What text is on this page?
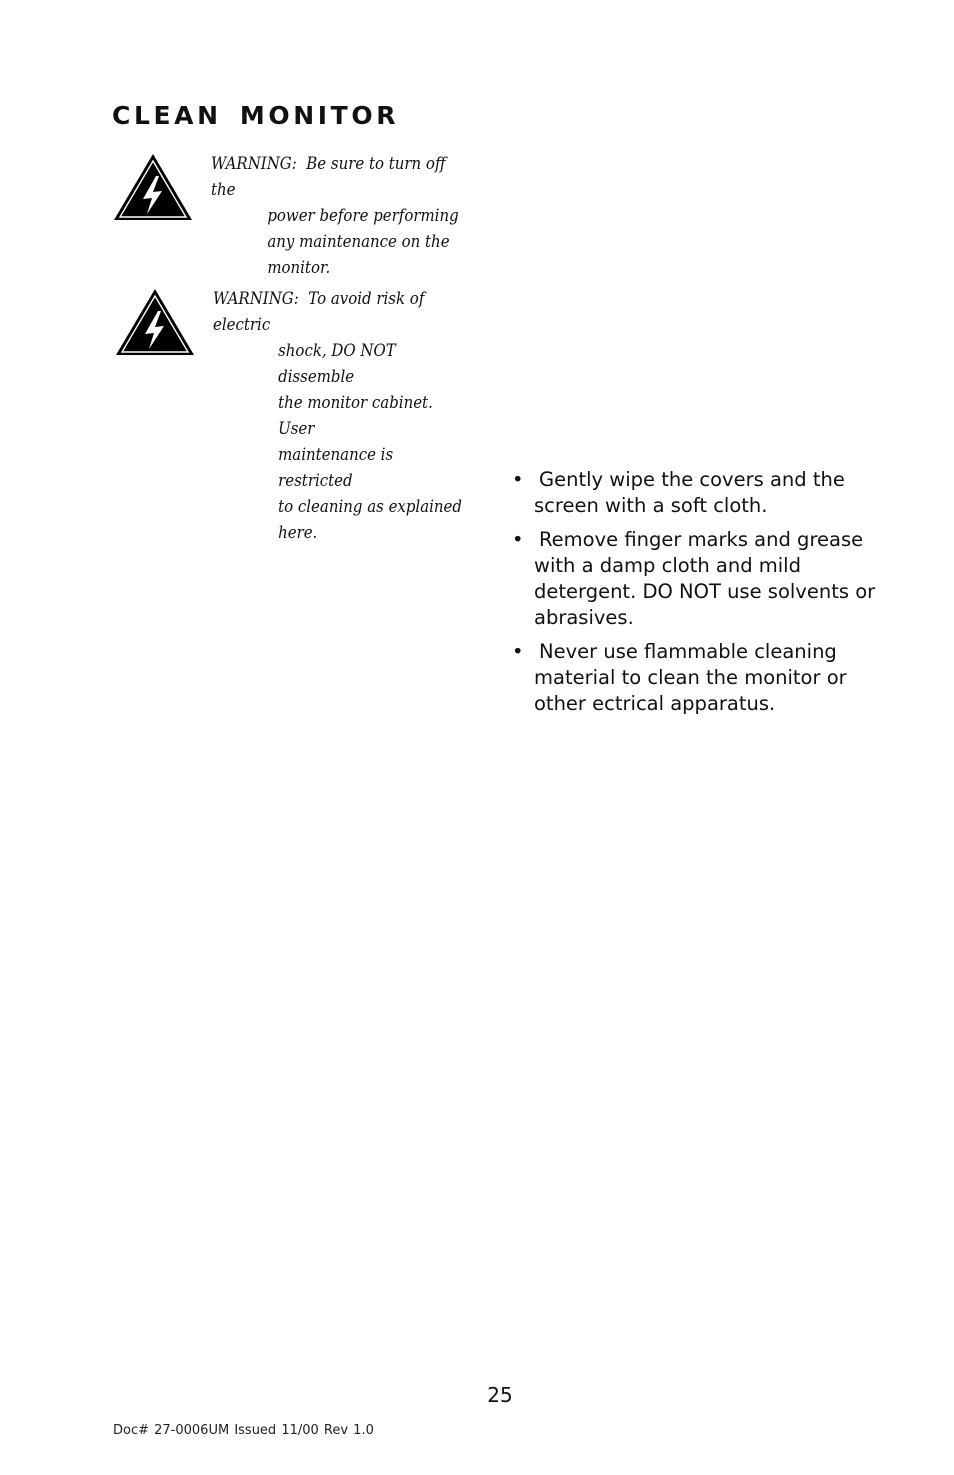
CLEAN MONITOR
WARNING: Be sure to turn off the
power before performing
any maintenance on the
monitor.
WARNING: To avoid risk of electric
shock, DO NOT dissemble
the monitor cabinet. User
maintenance is restricted
to cleaning as explained
here.
• Gently wipe the covers and the screen with a soft cloth.
• Remove finger marks and grease with a damp cloth and mild detergent. DO NOT use solvents or abrasives.
• Never use flammable cleaning material to clean the monitor or other ectrical apparatus.
25
Doc# 27-0006UM Issued 11/00 Rev 1.0
